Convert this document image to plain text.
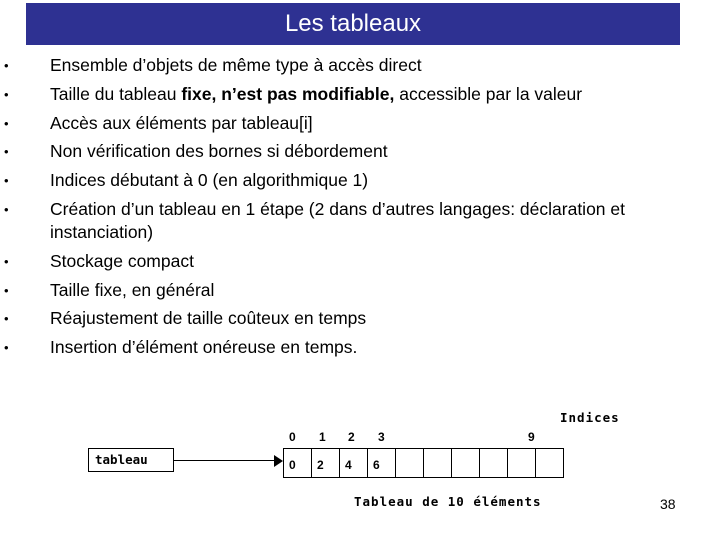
Les tableaux
• Ensemble d’objets de même type à accès direct
• Taille du tableau fixe, n’est pas modifiable, accessible par la valeur
• Accès aux éléments par tableau[i]
• Non vérification des bornes si débordement
• Indices débutant à 0 (en algorithmique 1)
• Création d’un tableau en 1 étape (2 dans d’autres langages: déclaration et instanciation)
• Stockage compact
• Taille fixe, en général
• Réajustement de taille coûteux en temps
• Insertion d’élément onéreuse en temps.
Indices
0 1 2 3	9
tableau	0	2	4	6
Tableau de 10 éléments	38
